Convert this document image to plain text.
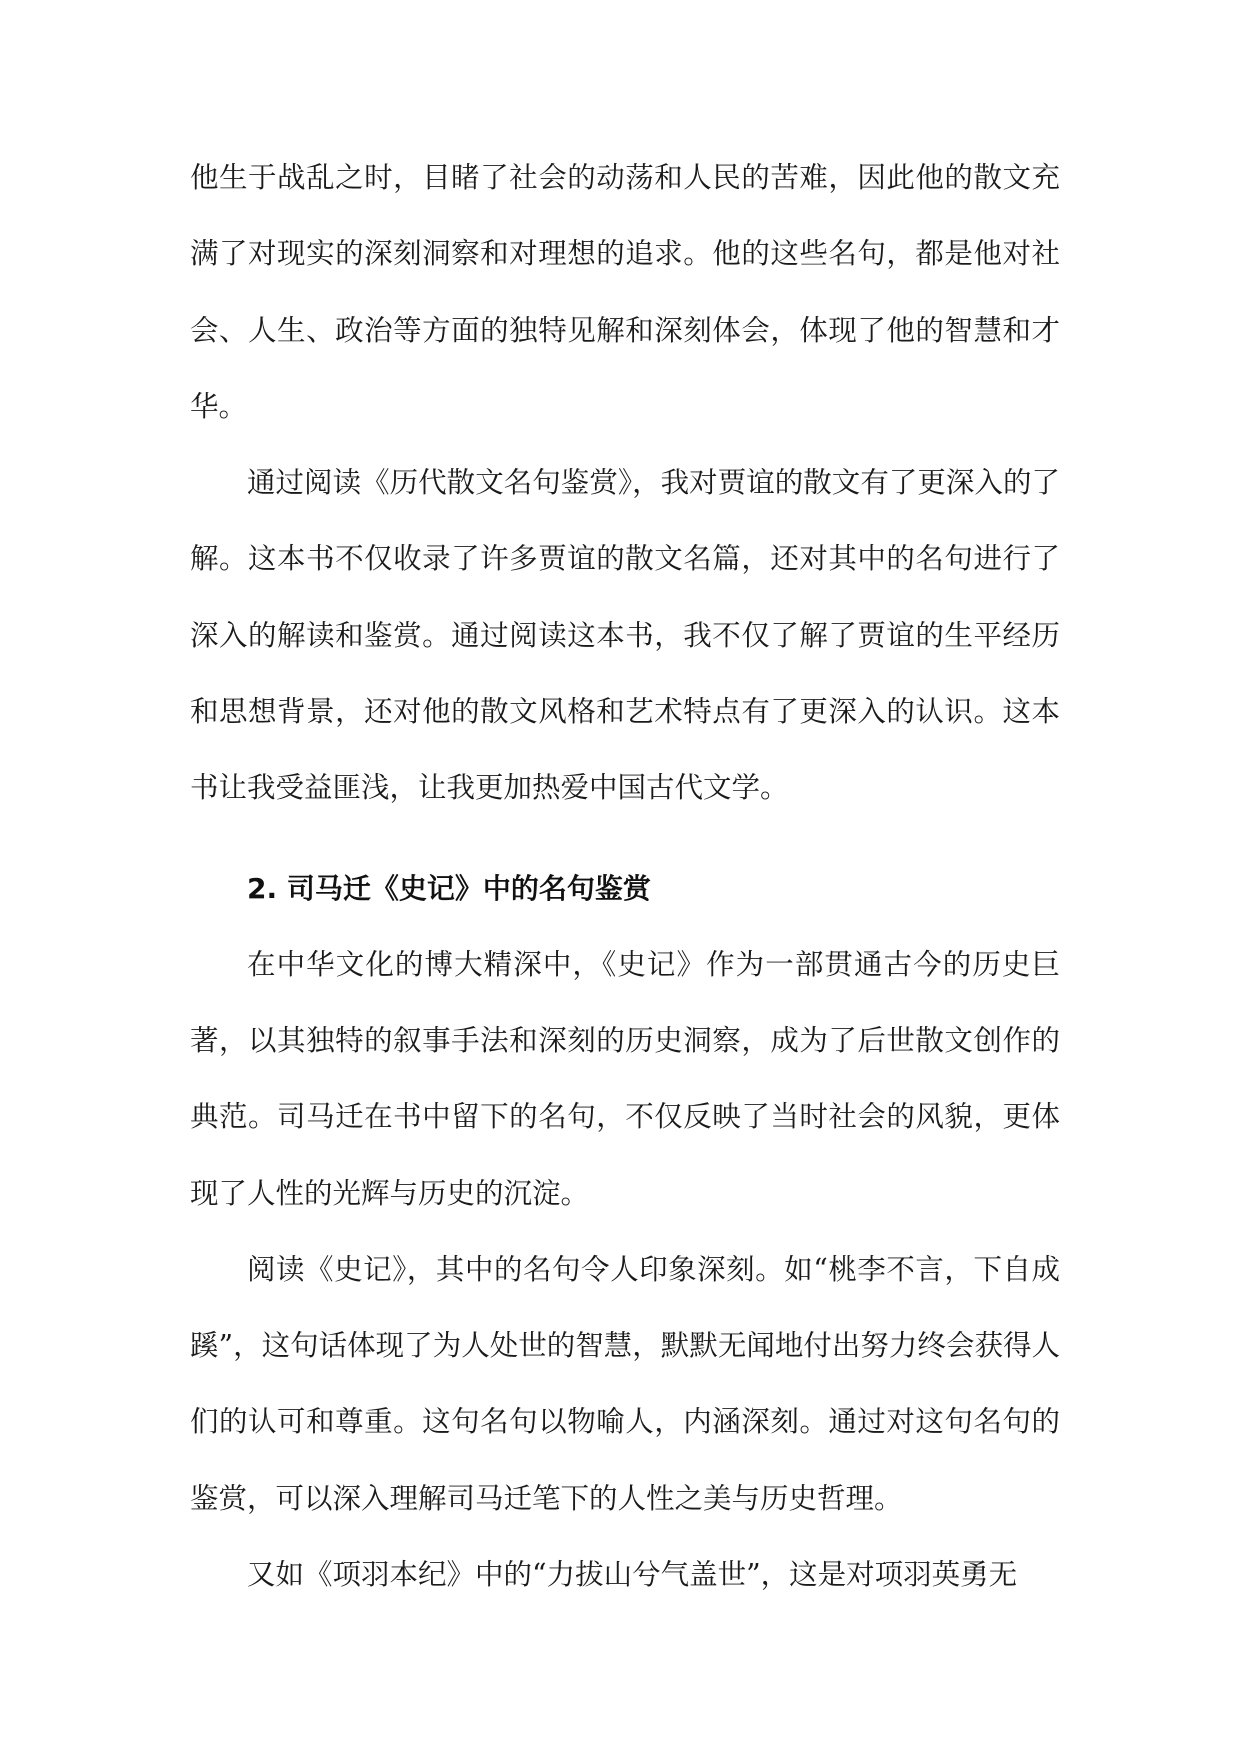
他生于战乱之时，目睹了社会的动荡和人民的苦难，因此他的散文充满了对现实的深刻洞察和对理想的追求。他的这些名句，都是他对社会、人生、政治等方面的独特见解和深刻体会，体现了他的智慧和才华。

通过阅读《历代散文名句鉴赏》，我对贾谊的散文有了更深入的了解。这本书不仅收录了许多贾谊的散文名篇，还对其中的名句进行了深入的解读和鉴赏。通过阅读这本书，我不仅了解了贾谊的生平经历和思想背景，还对他的散文风格和艺术特点有了更深入的认识。这本书让我受益匪浅，让我更加热爱中国古代文学。

2. 司马迁《史记》中的名句鉴赏

在中华文化的博大精深中，《史记》作为一部贯通古今的历史巨著，以其独特的叙事手法和深刻的历史洞察，成为了后世散文创作的典范。司马迁在书中留下的名句，不仅反映了当时社会的风貌，更体现了人性的光辉与历史的沉淀。

阅读《史记》，其中的名句令人印象深刻。如“桃李不言，下自成蹊”，这句话体现了为人处世的智慧，默默无闻地付出努力终会获得人们的认可和尊重。这句名句以物喻人，内涵深刻。通过对这句名句的鉴赏，可以深入理解司马迁笔下的人性之美与历史哲理。

又如《项羽本纪》中的“力拔山兮气盖世”，这是对项羽英勇无
